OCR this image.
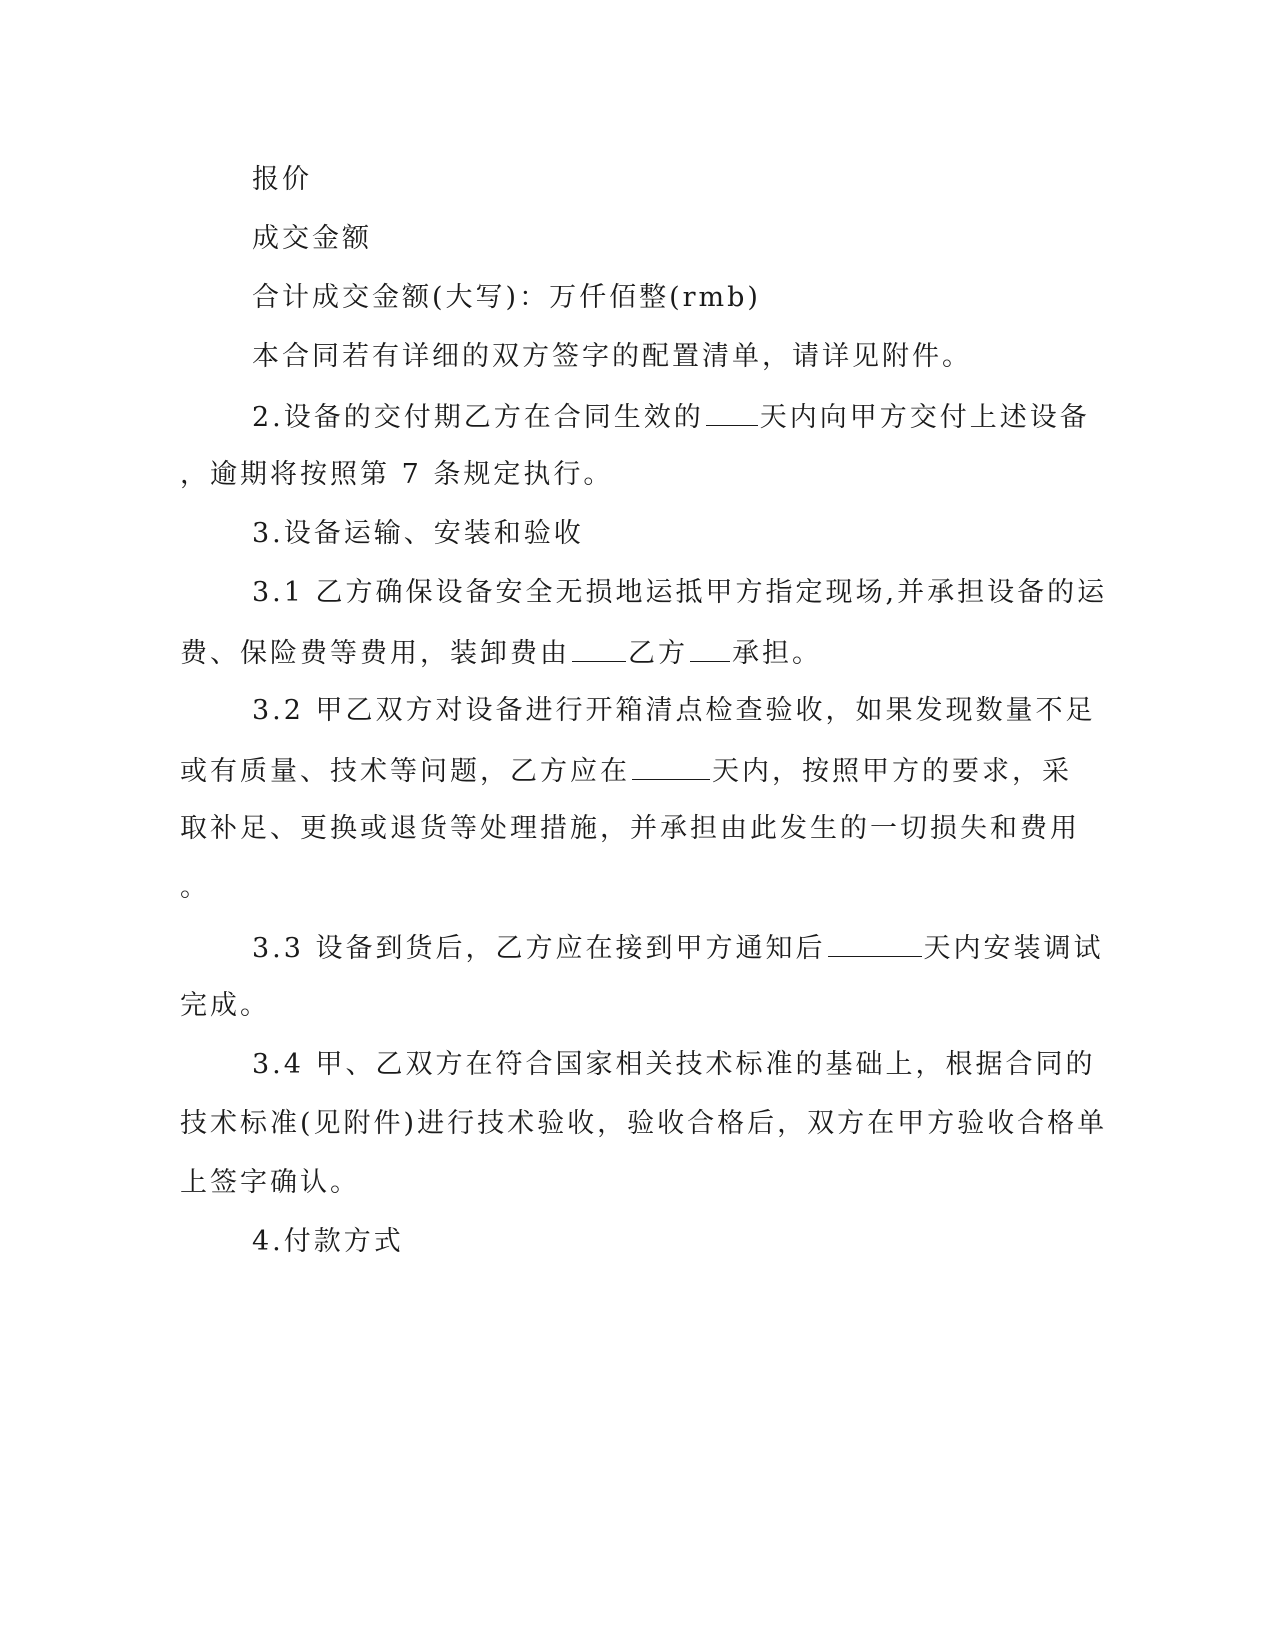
报价
成交金额
合计成交金额(大写)：万仟佰整(rmb)
本合同若有详细的双方签字的配置清单，请详见附件。
2.设备的交付期乙方在合同生效的 天内向甲方交付上述设备
，逾期将按照第 7 条规定执行。
3.设备运输、安装和验收
3.1 乙方确保设备安全无损地运抵甲方指定现场,并承担设备的运
费、保险费等费用，装卸费由 乙方 承担。
3.2 甲乙双方对设备进行开箱清点检查验收，如果发现数量不足
或有质量、技术等问题，乙方应在	天内，按照甲方的要求，采
取补足、更换或退货等处理措施，并承担由此发生的一切损失和费用
。
3.3 设备到货后，乙方应在接到甲方通知后	天内安装调试
完成。
3.4 甲、乙双方在符合国家相关技术标准的基础上，根据合同的
技术标准(见附件)进行技术验收，验收合格后，双方在甲方验收合格单
上签字确认。
4.付款方式
